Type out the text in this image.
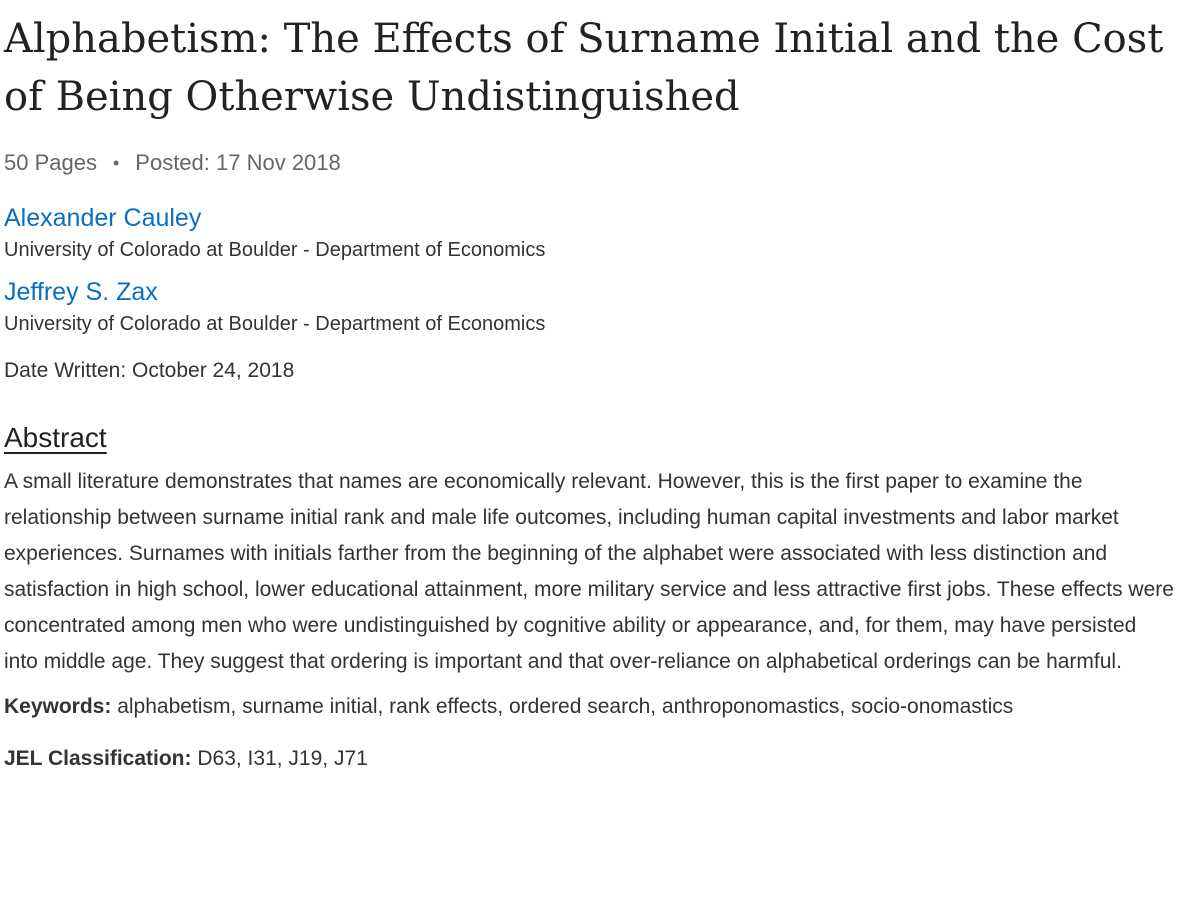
Alphabetism: The Effects of Surname Initial and the Cost of Being Otherwise Undistinguished
50 Pages • Posted: 17 Nov 2018
Alexander Cauley
University of Colorado at Boulder - Department of Economics
Jeffrey S. Zax
University of Colorado at Boulder - Department of Economics
Date Written: October 24, 2018
Abstract

A small literature demonstrates that names are economically relevant. However, this is the first paper to examine the relationship between surname initial rank and male life outcomes, including human capital investments and labor market experiences. Surnames with initials farther from the beginning of the alphabet were associated with less distinction and satisfaction in high school, lower educational attainment, more military service and less attractive first jobs. These effects were concentrated among men who were undistinguished by cognitive ability or appearance, and, for them, may have persisted into middle age. They suggest that ordering is important and that over-reliance on alphabetical orderings can be harmful.

Keywords: alphabetism, surname initial, rank effects, ordered search, anthroponomastics, socio-onomastics
JEL Classification: D63, I31, J19, J71
